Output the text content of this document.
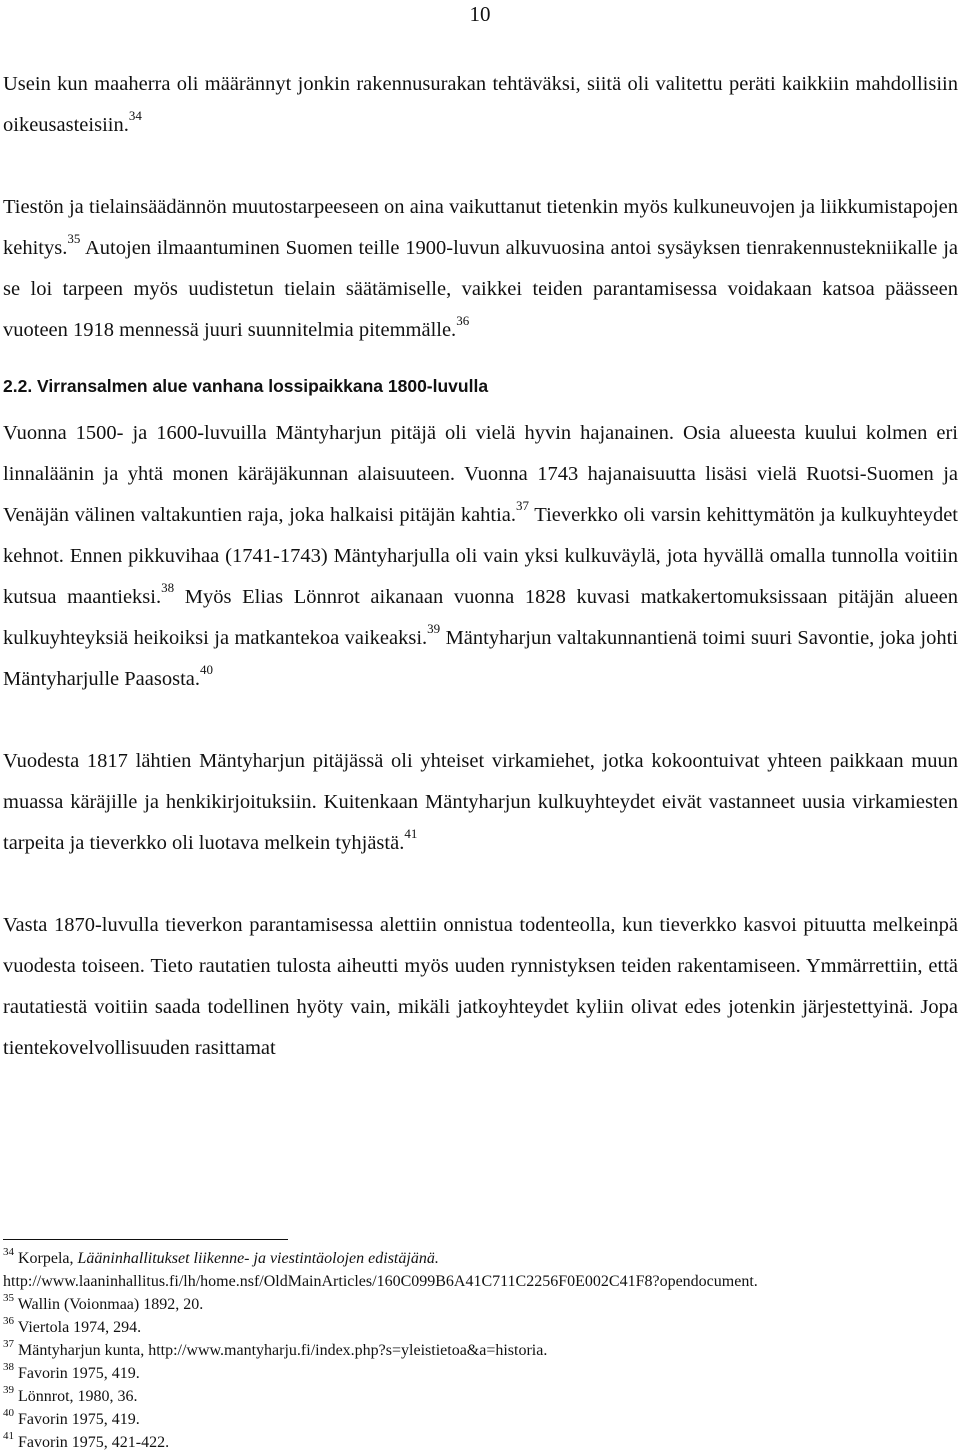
10

Usein kun maaherra oli määrännyt jonkin rakennusurakan tehtäväksi, siitä oli valitettu peräti kaikkiin mahdollisiin oikeusasteisiin.$^{34}$

Tiestön ja tielainsäädännön muutostarpeeseen on aina vaikuttanut tietenkin myös kulkuneuvojen ja liikkumistapojen kehitys.$^{35}$ Autojen ilmaantuminen Suomen teille 1900-luvun alkuvuosina antoi sysäyksen tienrakennustekniikalle ja se loi tarpeen myös uudistetun tielain säätämiselle, vaikkei teiden parantamisessa voidakaan katsoa päässeen vuoteen 1918 mennessä juuri suunnitelmia pitemmälle.$^{36}$

2.2. Virransalmen alue vanhana lossipaikkana 1800-luvulla

Vuonna 1500- ja 1600-luvuilla Mäntyharjun pitäjä oli vielä hyvin hajanainen. Osia alueesta kuului kolmen eri linnaläänin ja yhtä monen käräjäkunnan alaisuuteen. Vuonna 1743 hajanaisuutta lisäsi vielä Ruotsi-Suomen ja Venäjän välinen valtakuntien raja, joka halkaisi pitäjän kahtia.$^{37}$ Tieverkko oli varsin kehittymätön ja kulkuyhteydet kehnot. Ennen pikkuvihaa (1741-1743) Mäntyharjulla oli vain yksi kulkuväylä, jota hyvällä omalla tunnolla voitiin kutsua maantieksi.$^{38}$ Myös Elias Lönnrot aikanaan vuonna 1828 kuvasi matkakertomuksissaan pitäjän alueen kulkuyhteyksiä heikoiksi ja matkantekoa vaikeaksi.$^{39}$ Mäntyharjun valtakunnantienä toimi suuri Savontie, joka johti Mäntyharjulle Paasosta.$^{40}$

Vuodesta 1817 lähtien Mäntyharjun pitäjässä oli yhteiset virkamiehet, jotka kokoontuivat yhteen paikkaan muun muassa käräjille ja henkikirjoituksiin. Kuitenkaan Mäntyharjun kulkuyhteydet eivät vastanneet uusia virkamiesten tarpeita ja tieverkko oli luotava melkein tyhjästä.$^{41}$

Vasta 1870-luvulla tieverkon parantamisessa alettiin onnistua todenteolla, kun tieverkko kasvoi pituutta melkeinpä vuodesta toiseen. Tieto rautatien tulosta aiheutti myös uuden rynnistyksen teiden rakentamiseen. Ymmärrettiin, että rautatiestä voitiin saada todellinen hyöty vain, mikäli jatkoyhteydet kyliin olivat edes jotenkin järjestettyinä. Jopa tientekovelvollisuuden rasittamat

$^{34}$ Korpela, Lääninhallitukset liikenne- ja viestintäolojen edistäjänä.

http://www.laaninhallitus.fi/lh/home.nsf/OldMainArticles/160C099B6A41C711C2256F0E002C41F8?opendocument.

$^{35}$ Wallin (Voionmaa) 1892, 20.

$^{36}$ Viertola 1974, 294.

$^{37}$ Mäntyharjun kunta, http://www.mantyharju.fi/index.php?s=yleistietoa&a=historia.

$^{38}$ Favorin 1975, 419.

$^{39}$ Lönnrot, 1980, 36.

$^{40}$ Favorin 1975, 419.

$^{41}$ Favorin 1975, 421-422.
